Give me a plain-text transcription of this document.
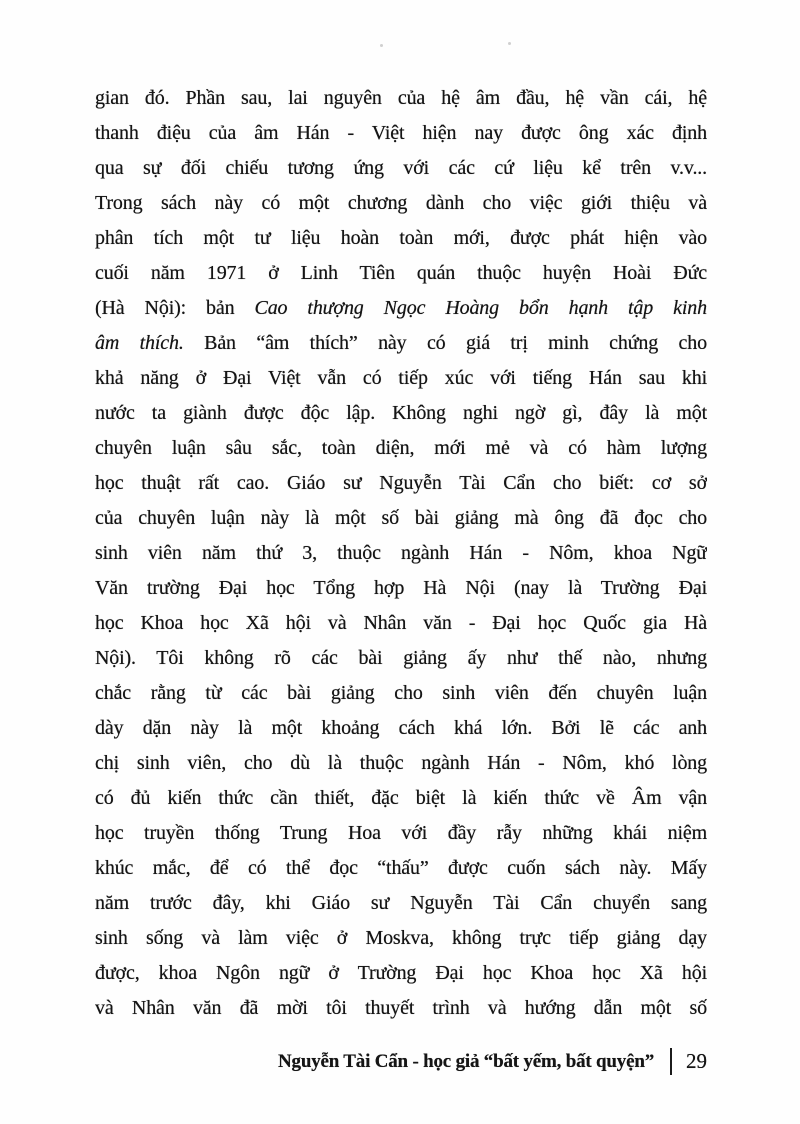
gian đó. Phần sau, lai nguyên của hệ âm đầu, hệ vần cái, hệ
thanh điệu của âm Hán - Việt hiện nay được ông xác định
qua sự đối chiếu tương ứng với các cứ liệu kể trên v.v...
Trong sách này có một chương dành cho việc giới thiệu và
phân tích một tư liệu hoàn toàn mới, được phát hiện vào
cuối năm 1971 ở Linh Tiên quán thuộc huyện Hoài Đức
(Hà Nội): bản Cao thượng Ngọc Hoàng bổn hạnh tập kinh
âm thích. Bản “âm thích” này có giá trị minh chứng cho
khả năng ở Đại Việt vẫn có tiếp xúc với tiếng Hán sau khi
nước ta giành được độc lập. Không nghi ngờ gì, đây là một
chuyên luận sâu sắc, toàn diện, mới mẻ và có hàm lượng
học thuật rất cao. Giáo sư Nguyễn Tài Cẩn cho biết: cơ sở
của chuyên luận này là một số bài giảng mà ông đã đọc cho
sinh viên năm thứ 3, thuộc ngành Hán - Nôm, khoa Ngữ
Văn trường Đại học Tổng hợp Hà Nội (nay là Trường Đại
học Khoa học Xã hội và Nhân văn - Đại học Quốc gia Hà
Nội). Tôi không rõ các bài giảng ấy như thế nào, nhưng
chắc rằng từ các bài giảng cho sinh viên đến chuyên luận
dày dặn này là một khoảng cách khá lớn. Bởi lẽ các anh
chị sinh viên, cho dù là thuộc ngành Hán - Nôm, khó lòng
có đủ kiến thức cần thiết, đặc biệt là kiến thức về Âm vận
học truyền thống Trung Hoa với đầy rẫy những khái niệm
khúc mắc, để có thể đọc “thấu” được cuốn sách này. Mấy
năm trước đây, khi Giáo sư Nguyễn Tài Cẩn chuyển sang
sinh sống và làm việc ở Moskva, không trực tiếp giảng dạy
được, khoa Ngôn ngữ ở Trường Đại học Khoa học Xã hội
và Nhân văn đã mời tôi thuyết trình và hướng dẫn một số
Nguyễn Tài Cẩn - học giả “bất yếm, bất quyện” 29
